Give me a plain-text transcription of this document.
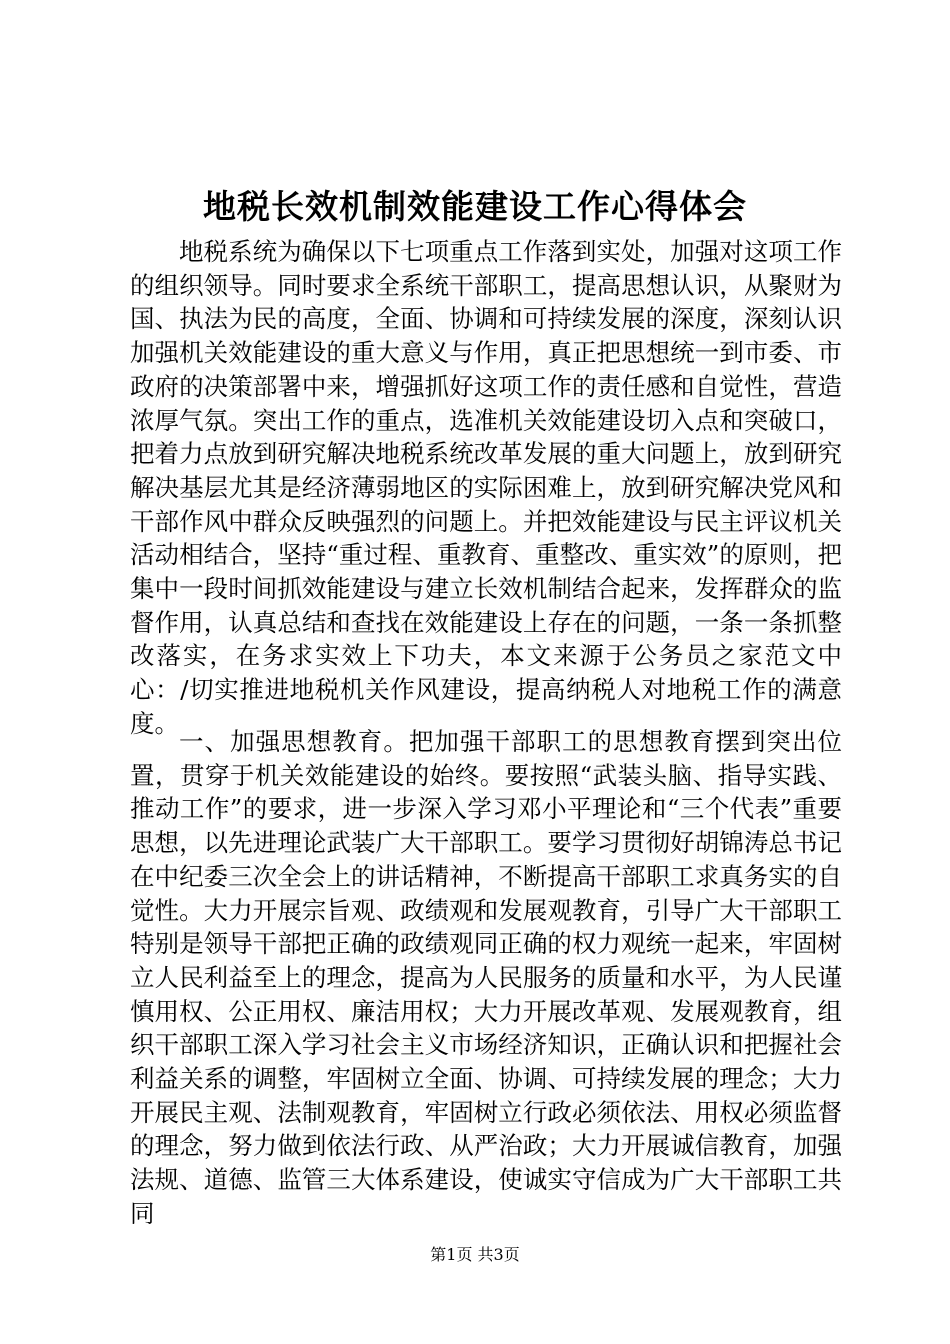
地税长效机制效能建设工作心得体会

地税系统为确保以下七项重点工作落到实处，加强对这项工作的组织领导。同时要求全系统干部职工，提高思想认识，从聚财为国、执法为民的高度，全面、协调和可持续发展的深度，深刻认识加强机关效能建设的重大意义与作用，真正把思想统一到市委、市政府的决策部署中来，增强抓好这项工作的责任感和自觉性，营造浓厚气氛。突出工作的重点，选准机关效能建设切入点和突破口，把着力点放到研究解决地税系统改革发展的重大问题上，放到研究解决基层尤其是经济薄弱地区的实际困难上，放到研究解决党风和干部作风中群众反映强烈的问题上。并把效能建设与民主评议机关活动相结合，坚持“重过程、重教育、重整改、重实效”的原则，把集中一段时间抓效能建设与建立长效机制结合起来，发挥群众的监督作用，认真总结和查找在效能建设上存在的问题，一条一条抓整改落实，在务求实效上下功夫，本文来源于公务员之家范文中心：/切实推进地税机关作风建设，提高纳税人对地税工作的满意度。

一、加强思想教育。把加强干部职工的思想教育摆到突出位置，贯穿于机关效能建设的始终。要按照“武装头脑、指导实践、推动工作”的要求，进一步深入学习邓小平理论和“三个代表”重要思想，以先进理论武装广大干部职工。要学习贯彻好胡锦涛总书记在中纪委三次全会上的讲话精神，不断提高干部职工求真务实的自觉性。大力开展宗旨观、政绩观和发展观教育，引导广大干部职工特别是领导干部把正确的政绩观同正确的权力观统一起来，牢固树立人民利益至上的理念，提高为人民服务的质量和水平，为人民谨慎用权、公正用权、廉洁用权；大力开展改革观、发展观教育，组织干部职工深入学习社会主义市场经济知识，正确认识和把握社会利益关系的调整，牢固树立全面、协调、可持续发展的理念；大力开展民主观、法制观教育，牢固树立行政必须依法、用权必须监督的理念，努力做到依法行政、从严治政；大力开展诚信教育，加强法规、道德、监管三大体系建设，使诚实守信成为广大干部职工共同

第1页 共3页
